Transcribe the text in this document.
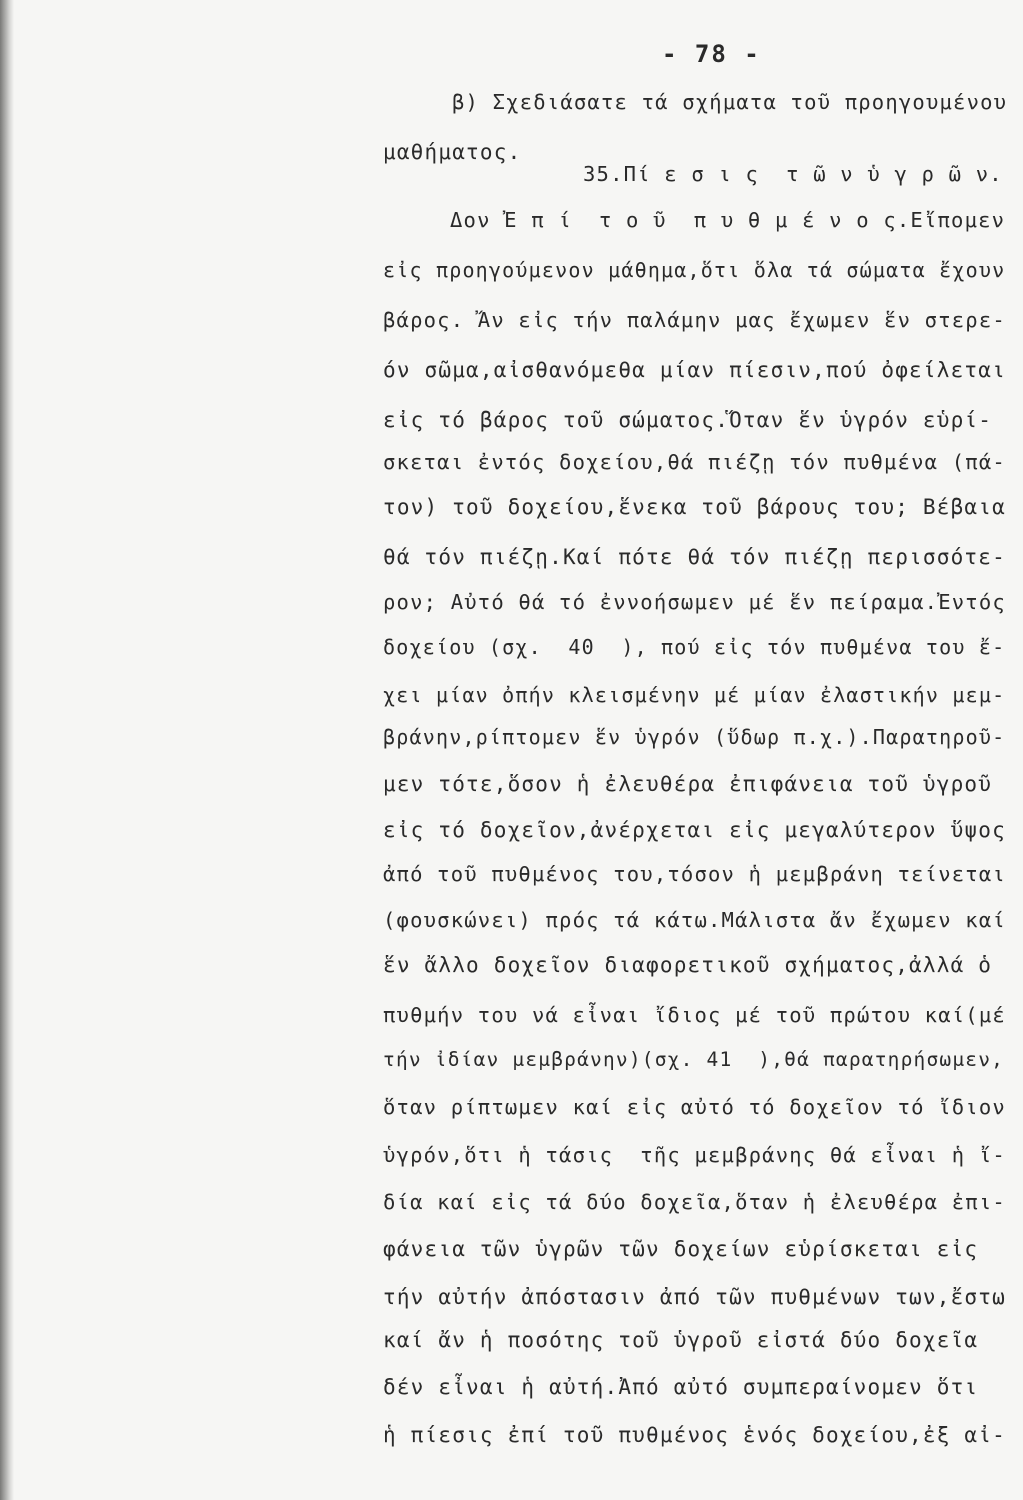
- 78 -
β) Σχεδιάσατε τά σχήματα τοῦ προηγουμένου
μαθήματος.
35.Πί ε σ ι ς  τ ῶ ν ὑ γ ρ ῶ ν.
Δον Ἐ π ί  τ ο ῦ  π υ θ μ έ ν ο ς.Εἴπομεν
εἰς προηγούμενον μάθημα,ὅτι ὅλα τά σώματα ἔχουν
βάρος. Ἄν εἰς τήν παλάμην μας ἔχωμεν ἕν στερε-
όν σῶμα,αἰσθανόμεθα μίαν πίεσιν,πού ὀφείλεται
εἰς τό βάρος τοῦ σώματος.Ὅταν ἕν ὑγρόν εὑρί-
σκεται ἐντός δοχείου,θά πιέζῃ τόν πυθμένα (πά-
τον) τοῦ δοχείου,ἕνεκα τοῦ βάρους του; Βέβαια
θά τόν πιέζῃ.Καί πότε θά τόν πιέζῃ περισσότε-
ρον; Αὐτό θά τό ἐννοήσωμεν μέ ἕν πείραμα.Ἐντός
δοχείου (σχ.  40  ), πού εἰς τόν πυθμένα του ἔ-
χει μίαν ὀπήν κλεισμένην μέ μίαν ἐλαστικήν μεμ-
βράνην,ρίπτομεν ἕν ὑγρόν (ὕδωρ π.χ.).Παρατηροῦ-
μεν τότε,ὅσον ἡ ἐλευθέρα ἐπιφάνεια τοῦ ὑγροῦ
εἰς τό δοχεῖον,ἀνέρχεται εἰς μεγαλύτερον ὕψος
ἀπό τοῦ πυθμένος του,τόσον ἡ μεμβράνη τείνεται
(φουσκώνει) πρός τά κάτω.Μάλιστα ἄν ἔχωμεν καί
ἕν ἄλλο δοχεῖον διαφορετικοῦ σχήματος,ἀλλά ὁ
πυθμήν του νά εἶναι ἴδιος μέ τοῦ πρώτου καί(μέ
τήν ἰδίαν μεμβράνην)(σχ. 41  ),θά παρατηρήσωμεν,
ὅταν ρίπτωμεν καί εἰς αὐτό τό δοχεῖον τό ἴδιον
ὑγρόν,ὅτι ἡ τάσις  τῆς μεμβράνης θά εἶναι ἡ ἴ-
δία καί εἰς τά δύο δοχεῖα,ὅταν ἡ ἐλευθέρα ἐπι-
φάνεια τῶν ὑγρῶν τῶν δοχείων εὑρίσκεται εἰς
τήν αὐτήν ἀπόστασιν ἀπό τῶν πυθμένων των,ἔστω
καί ἄν ἡ ποσότης τοῦ ὑγροῦ εἰστά δύο δοχεῖα
δέν εἶναι ἡ αὐτή.Ἀπό αὐτό συμπεραίνομεν ὅτι
ἡ πίεσις ἐπί τοῦ πυθμένος ἑνός δοχείου,ἐξ αἰ-
